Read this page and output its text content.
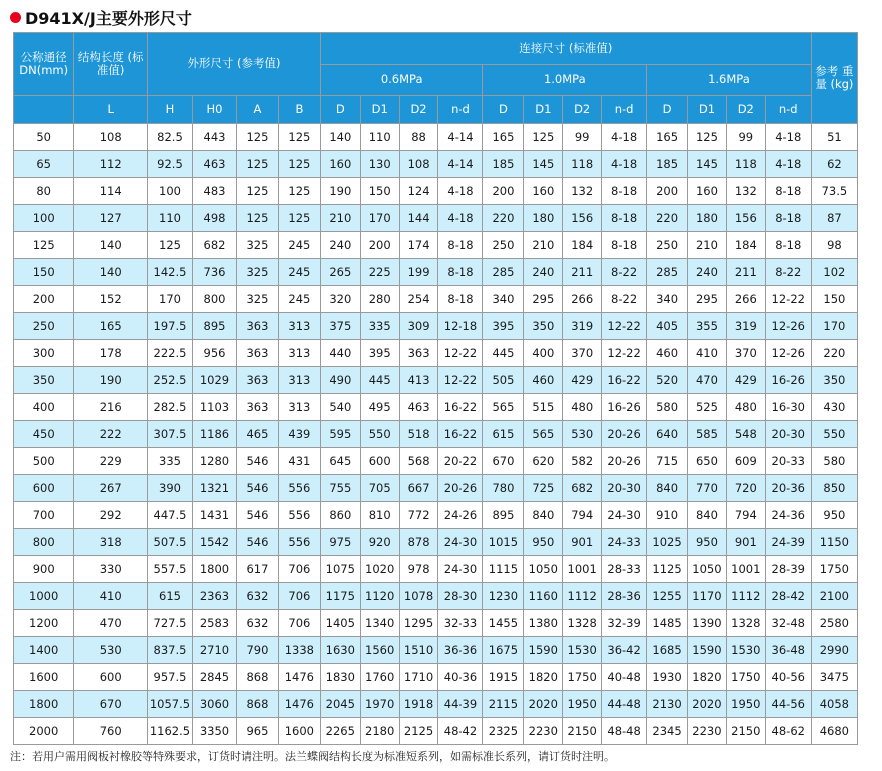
D941X/J主要外形尺寸
公称通径 DN(mm)	结构长度 (标准值)	外形尺寸 (参考值)				连接尺寸 (标准值)												参考 重量 (kg)
						0.6MPa				1.0MPa				1.6MPa				
	L	H	H0	A	B	D	D1	D2	n-d	D	D1	D2	n-d	D	D1	D2	n-d	
50	108	82.5	443	125	125	140	110	88	4-14	165	125	99	4-18	165	125	99	4-18	51
65	112	92.5	463	125	125	160	130	108	4-14	185	145	118	4-18	185	145	118	4-18	62
80	114	100	483	125	125	190	150	124	4-18	200	160	132	8-18	200	160	132	8-18	73.5
100	127	110	498	125	125	210	170	144	4-18	220	180	156	8-18	220	180	156	8-18	87
125	140	125	682	325	245	240	200	174	8-18	250	210	184	8-18	250	210	184	8-18	98
150	140	142.5	736	325	245	265	225	199	8-18	285	240	211	8-22	285	240	211	8-22	102
200	152	170	800	325	245	320	280	254	8-18	340	295	266	8-22	340	295	266	12-22	150
250	165	197.5	895	363	313	375	335	309	12-18	395	350	319	12-22	405	355	319	12-26	170
300	178	222.5	956	363	313	440	395	363	12-22	445	400	370	12-22	460	410	370	12-26	220
350	190	252.5	1029	363	313	490	445	413	12-22	505	460	429	16-22	520	470	429	16-26	350
400	216	282.5	1103	363	313	540	495	463	16-22	565	515	480	16-26	580	525	480	16-30	430
450	222	307.5	1186	465	439	595	550	518	16-22	615	565	530	20-26	640	585	548	20-30	550
500	229	335	1280	546	431	645	600	568	20-22	670	620	582	20-26	715	650	609	20-33	580
600	267	390	1321	546	556	755	705	667	20-26	780	725	682	20-30	840	770	720	20-36	850
700	292	447.5	1431	546	556	860	810	772	24-26	895	840	794	24-30	910	840	794	24-36	950
800	318	507.5	1542	546	556	975	920	878	24-30	1015	950	901	24-33	1025	950	901	24-39	1150
900	330	557.5	1800	617	706	1075	1020	978	24-30	1115	1050	1001	28-33	1125	1050	1001	28-39	1750
1000	410	615	2363	632	706	1175	1120	1078	28-30	1230	1160	1112	28-36	1255	1170	1112	28-42	2100
1200	470	727.5	2583	632	706	1405	1340	1295	32-33	1455	1380	1328	32-39	1485	1390	1328	32-48	2580
1400	530	837.5	2710	790	1338	1630	1560	1510	36-36	1675	1590	1530	36-42	1685	1590	1530	36-48	2990
1600	600	957.5	2845	868	1476	1830	1760	1710	40-36	1915	1820	1750	40-48	1930	1820	1750	40-56	3475
1800	670	1057.5	3060	868	1476	2045	1970	1918	44-39	2115	2020	1950	44-48	2130	2020	1950	44-56	4058
2000	760	1162.5	3350	965	1600	2265	2180	2125	48-42	2325	2230	2150	48-48	2345	2230	2150	48-62	4680
注：若用户需用阀板衬橡胶等特殊要求，订货时请注明。法兰蝶阀结构长度为标准短系列，如需标准长系列，请订货时注明。
